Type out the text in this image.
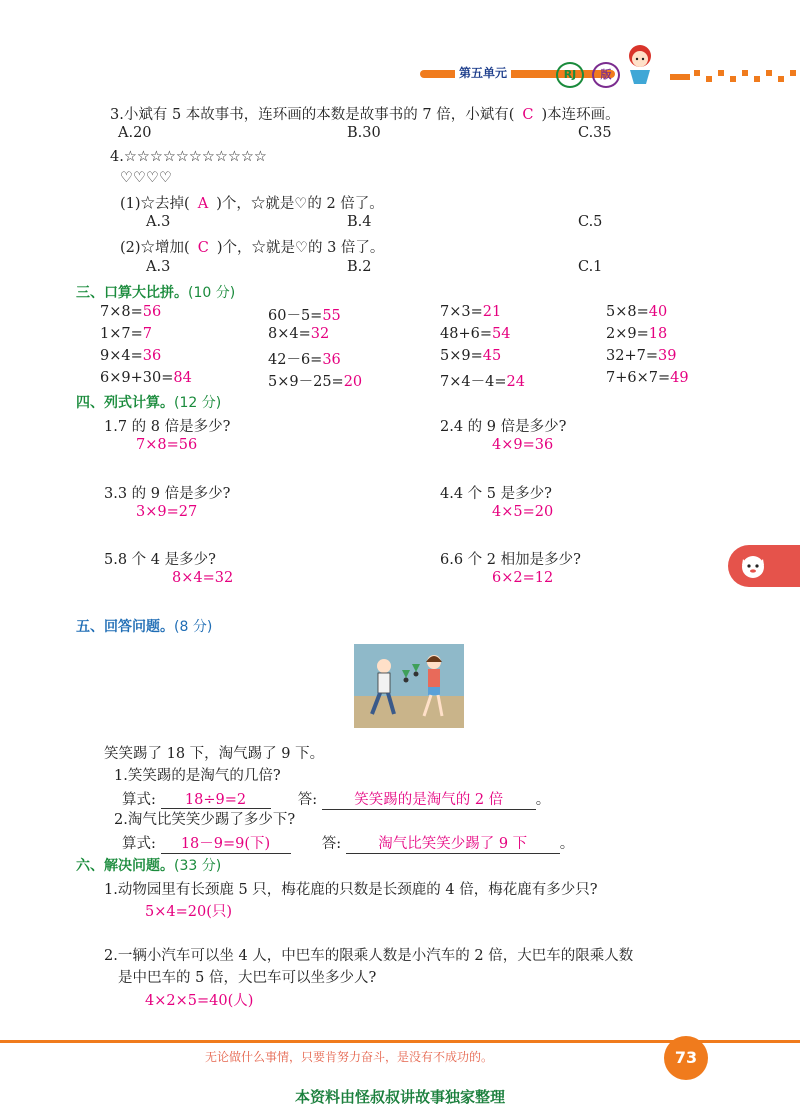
第五单元	RJ	版
3.小斌有 5 本故事书，连环画的本数是故事书的 7 倍，小斌有( C )本连环画。
A.20	B.30	C.35
4.☆☆☆☆☆☆☆☆☆☆☆
♡♡♡♡
(1)☆去掉( A )个，☆就是♡的 2 倍了。
A.3	B.4	C.5
(2)☆增加( C )个，☆就是♡的 3 倍了。
A.3	B.2	C.1
三、口算大比拼。(10 分)
7×8=56	60－5=55	7×3=21	5×8=40
1×7=7	8×4=32	48+6=54	2×9=18
9×4=36	42－6=36	5×9=45	32+7=39
6×9+30=84	5×9－25=20	7×4－4=24	7+6×7=49
四、列式计算。(12 分)
1.7 的 8 倍是多少?
7×8=56
2.4 的 9 倍是多少?
4×9=36
3.3 的 9 倍是多少?
3×9=27
4.4 个 5 是多少?
4×5=20
5.8 个 4 是多少?
8×4=32
6.6 个 2 相加是多少?
6×2=12
五、回答问题。(8 分)
笑笑踢了 18 下，淘气踢了 9 下。
1.笑笑踢的是淘气的几倍?
算式: 18÷9=2	答:	笑笑踢的是淘气的 2 倍 。
2.淘气比笑笑少踢了多少下?
算式: 18－9=9(下)	答:	淘气比笑笑少踢了 9 下 。
六、解决问题。(33 分)
1.动物园里有长颈鹿 5 只，梅花鹿的只数是长颈鹿的 4 倍，梅花鹿有多少只?
5×4=20(只)
2.一辆小汽车可以坐 4 人，中巴车的限乘人数是小汽车的 2 倍，大巴车的限乘人数
是中巴车的 5 倍，大巴车可以坐多少人?
4×2×5=40(人)
无论做什么事情，只要肯努力奋斗，是没有不成功的。	73
本资料由怪叔叔讲故事独家整理
